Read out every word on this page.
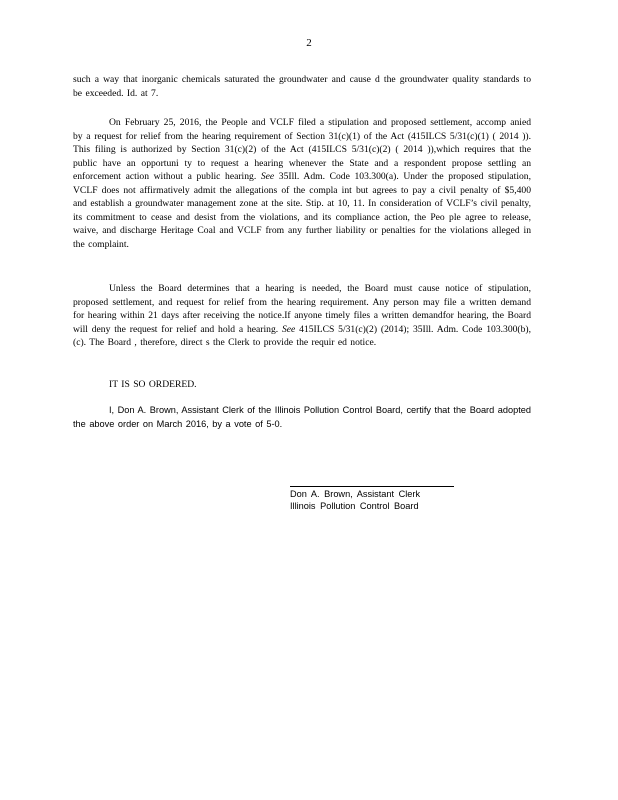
2

such a way that inorganic chemicals saturated the groundwater and cause d the groundwater quality standards to be exceeded. Id. at 7.

On February 25, 2016, the People and VCLF filed a stipulation and proposed settlement, accomp anied by a request for relief from the hearing requirement of Section 31(c)(1) of the Act (415ILCS 5/31(c)(1) ( 2014 )). This filing is authorized by Section 31(c)(2) of the Act (415ILCS 5/31(c)(2) ( 2014 )),which requires that the public have an opportuni ty to request a hearing whenever the State and a respondent propose settling an enforcement action without a public hearing. See 35Ill. Adm. Code 103.300(a). Under the proposed stipulation, VCLF does not affirmatively admit the allegations of the compla int but agrees to pay a civil penalty of $5,400 and establish a groundwater management zone at the site. Stip. at 10, 11. In consideration of VCLF’s civil penalty, its commitment to cease and desist from the violations, and its compliance action, the Peo ple agree to release, waive, and discharge Heritage Coal and VCLF from any further liability or penalties for the violations alleged in the complaint.

Unless the Board determines that a hearing is needed, the Board must cause notice of stipulation, proposed settlement, and request for relief from the hearing requirement. Any person may file a written demand for hearing within 21 days after receiving the notice.If anyone timely files a written demandfor hearing, the Board will deny the request for relief and hold a hearing. See 415ILCS 5/31(c)(2) (2014); 35Ill. Adm. Code 103.300(b), (c). The Board , therefore, direct s the Clerk to provide the requir ed notice.

IT IS SO ORDERED.
I, Don A. Brown, Assistant Clerk of the Illinois Pollution Control Board, certify that the Board adopted the above order on March 2016, by a vote of 5-0.
Don A. Brown, Assistant Clerk
Illinois Pollution Control Board
